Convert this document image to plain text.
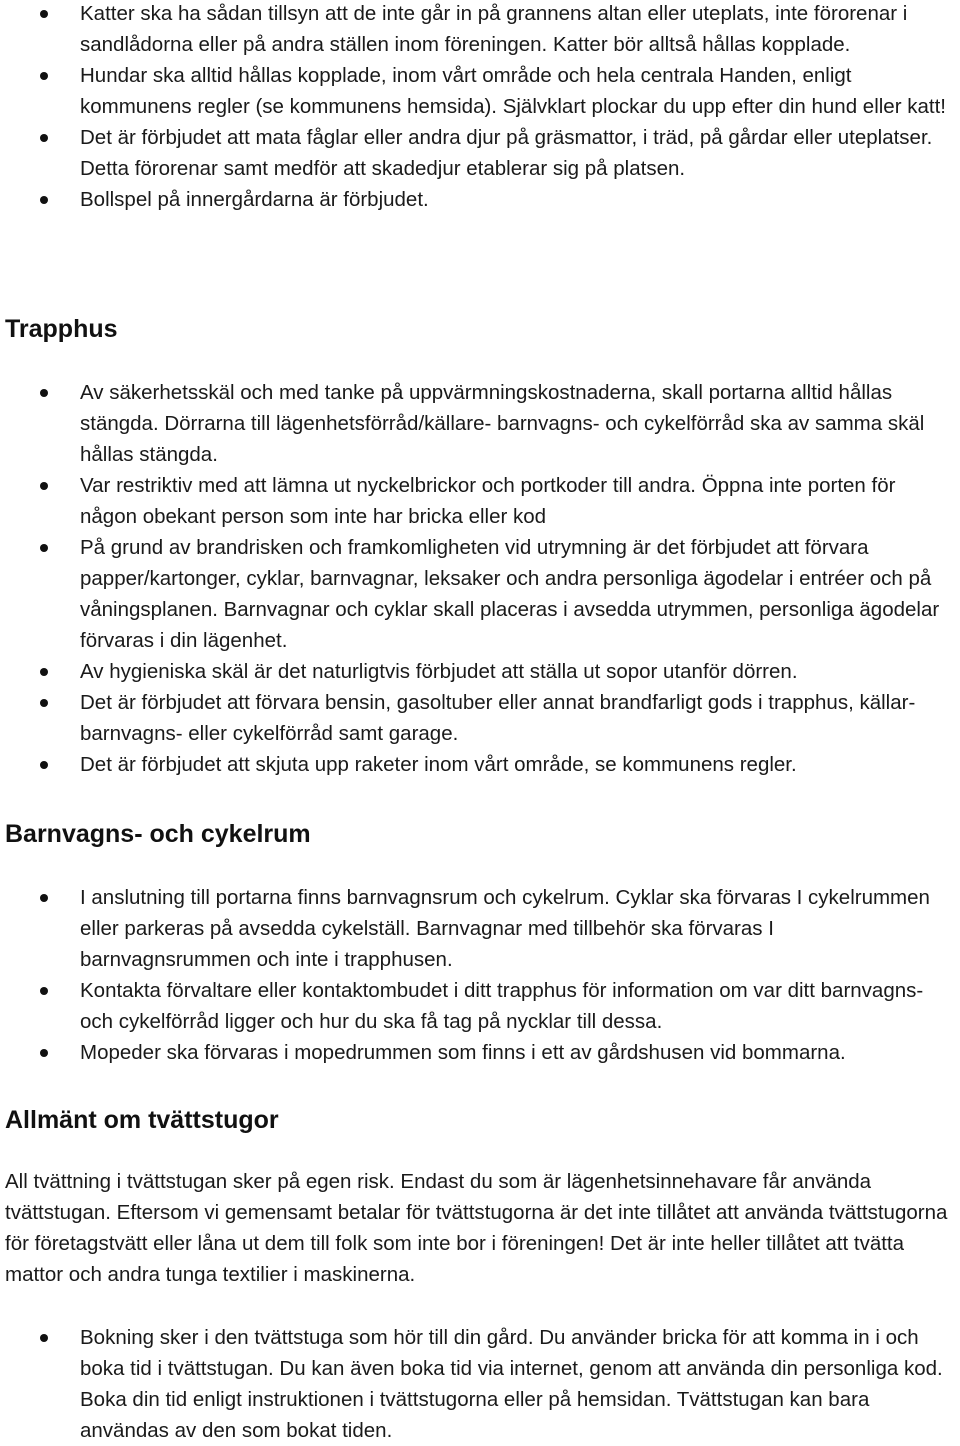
Katter ska ha sådan tillsyn att de inte går in på grannens altan eller uteplats, inte förorenar i sandlådorna eller på andra ställen inom föreningen. Katter bör alltså hållas kopplade.
Hundar ska alltid hållas kopplade, inom vårt område och hela centrala Handen, enligt kommunens regler (se kommunens hemsida). Självklart plockar du upp efter din hund eller katt!
Det är förbjudet att mata fåglar eller andra djur på gräsmattor, i träd, på gårdar eller uteplatser. Detta förorenar samt medför att skadedjur etablerar sig på platsen.
Bollspel på innergårdarna är förbjudet.
Trapphus
Av säkerhetsskäl och med tanke på uppvärmningskostnaderna, skall portarna alltid hållas stängda. Dörrarna till lägenhetsförråd/källare- barnvagns- och cykelförråd ska av samma skäl hållas stängda.
Var restriktiv med att lämna ut nyckelbrickor och portkoder till andra. Öppna inte porten för någon obekant person som inte har bricka eller kod
På grund av brandrisken och framkomligheten vid utrymning är det förbjudet att förvara papper/kartonger, cyklar, barnvagnar, leksaker och andra personliga ägodelar i entréer och på våningsplanen. Barnvagnar och cyklar skall placeras i avsedda utrymmen, personliga ägodelar förvaras i din lägenhet.
Av hygieniska skäl är det naturligtvis förbjudet att ställa ut sopor utanför dörren.
Det är förbjudet att förvara bensin, gasoltuber eller annat brandfarligt gods i trapphus, källar- barnvagns- eller cykelförråd samt garage.
Det är förbjudet att skjuta upp raketer inom vårt område, se kommunens regler.
Barnvagns- och cykelrum
I anslutning till portarna finns barnvagnsrum och cykelrum. Cyklar ska förvaras I cykelrummen eller parkeras på avsedda cykelställ. Barnvagnar med tillbehör ska förvaras I barnvagnsrummen och inte i trapphusen.
Kontakta förvaltare eller kontaktombudet i ditt trapphus för information om var ditt barnvagns- och cykelförråd ligger och hur du ska få tag på nycklar till dessa.
Mopeder ska förvaras i mopedrummen som finns i ett av gårdshusen vid bommarna.
Allmänt om tvättstugor

All tvättning i tvättstugan sker på egen risk. Endast du som är lägenhetsinnehavare får använda tvättstugan. Eftersom vi gemensamt betalar för tvättstugorna är det inte tillåtet att använda tvättstugorna för företagstvätt eller låna ut dem till folk som inte bor i föreningen! Det är inte heller tillåtet att tvätta mattor och andra tunga textilier i maskinerna.

Bokning sker i den tvättstuga som hör till din gård. Du använder bricka för att komma in i och boka tid i tvättstugan. Du kan även boka tid via internet, genom att använda din personliga kod. Boka din tid enligt instruktionen i tvättstugorna eller på hemsidan. Tvättstugan kan bara användas av den som bokat tiden.
